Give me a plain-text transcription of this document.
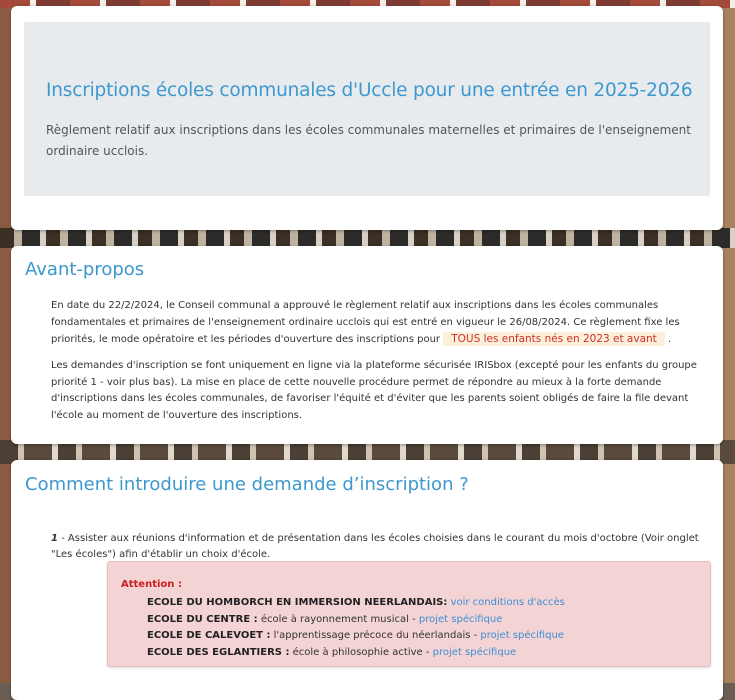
Inscriptions écoles communales d'Uccle pour une entrée en 2025-2026

Règlement relatif aux inscriptions dans les écoles communales maternelles et primaires de l'enseignement ordinaire ucclois.

Avant-propos

En date du 22/2/2024, le Conseil communal a approuvé le règlement relatif aux inscriptions dans les écoles communales fondamentales et primaires de l'enseignement ordinaire ucclois qui est entré en vigueur le 26/08/2024. Ce règlement fixe les priorités, le mode opératoire et les périodes d'ouverture des inscriptions pour TOUS les enfants nés en 2023 et avant .

Les demandes d'inscription se font uniquement en ligne via la plateforme sécurisée IRISbox (excepté pour les enfants du groupe priorité 1 - voir plus bas). La mise en place de cette nouvelle procédure permet de répondre au mieux à la forte demande d'inscriptions dans les écoles communales, de favoriser l'équité et d'éviter que les parents soient obligés de faire la file devant l'école au moment de l'ouverture des inscriptions.

Comment introduire une demande d’inscription ?

1 - Assister aux réunions d'information et de présentation dans les écoles choisies dans le courant du mois d'octobre (Voir onglet "Les écoles") afin d'établir un choix d'école.

Attention :

ECOLE DU HOMBORCH EN IMMERSION NEERLANDAIS: voir conditions d'accès
ECOLE DU CENTRE : école à rayonnement musical - projet spécifique
ECOLE DE CALEVOET : l'apprentissage précoce du néerlandais - projet spécifique
ECOLE DES EGLANTIERS : école à philosophie active - projet spécifique
